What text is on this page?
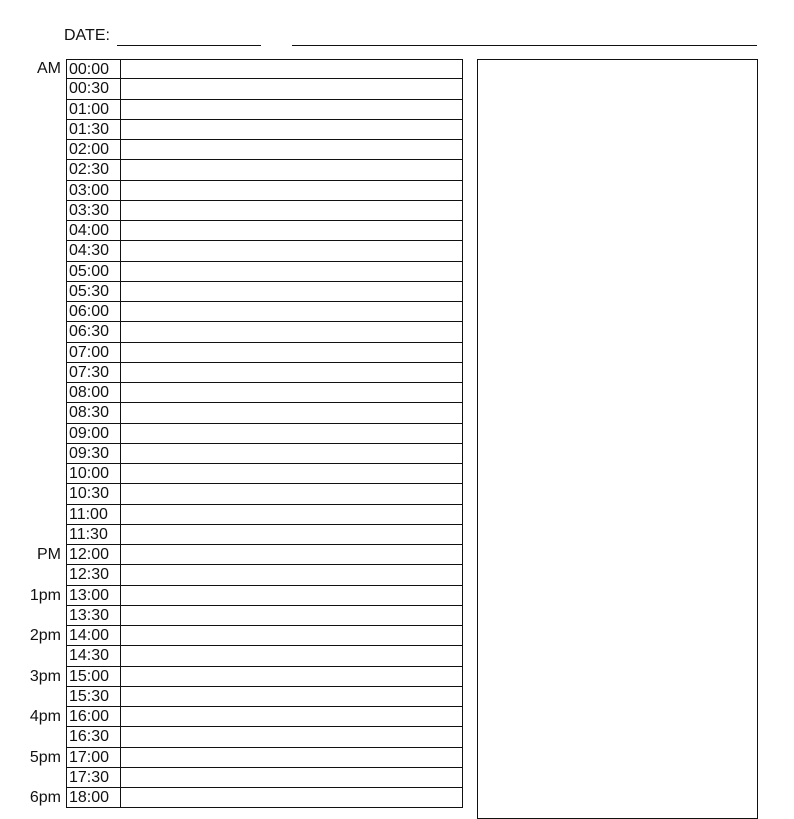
DATE:
AM 00:00
00:30
01:00
01:30
02:00
02:30
03:00
03:30
04:00
04:30
05:00
05:30
06:00
06:30
07:00
07:30
08:00
08:30
09:00
09:30
10:00
10:30
11:00
11:30
PM 12:00
12:30
1pm 13:00
13:30
2pm 14:00
14:30
3pm 15:00
15:30
4pm 16:00
16:30
5pm 17:00
17:30
6pm 18:00
